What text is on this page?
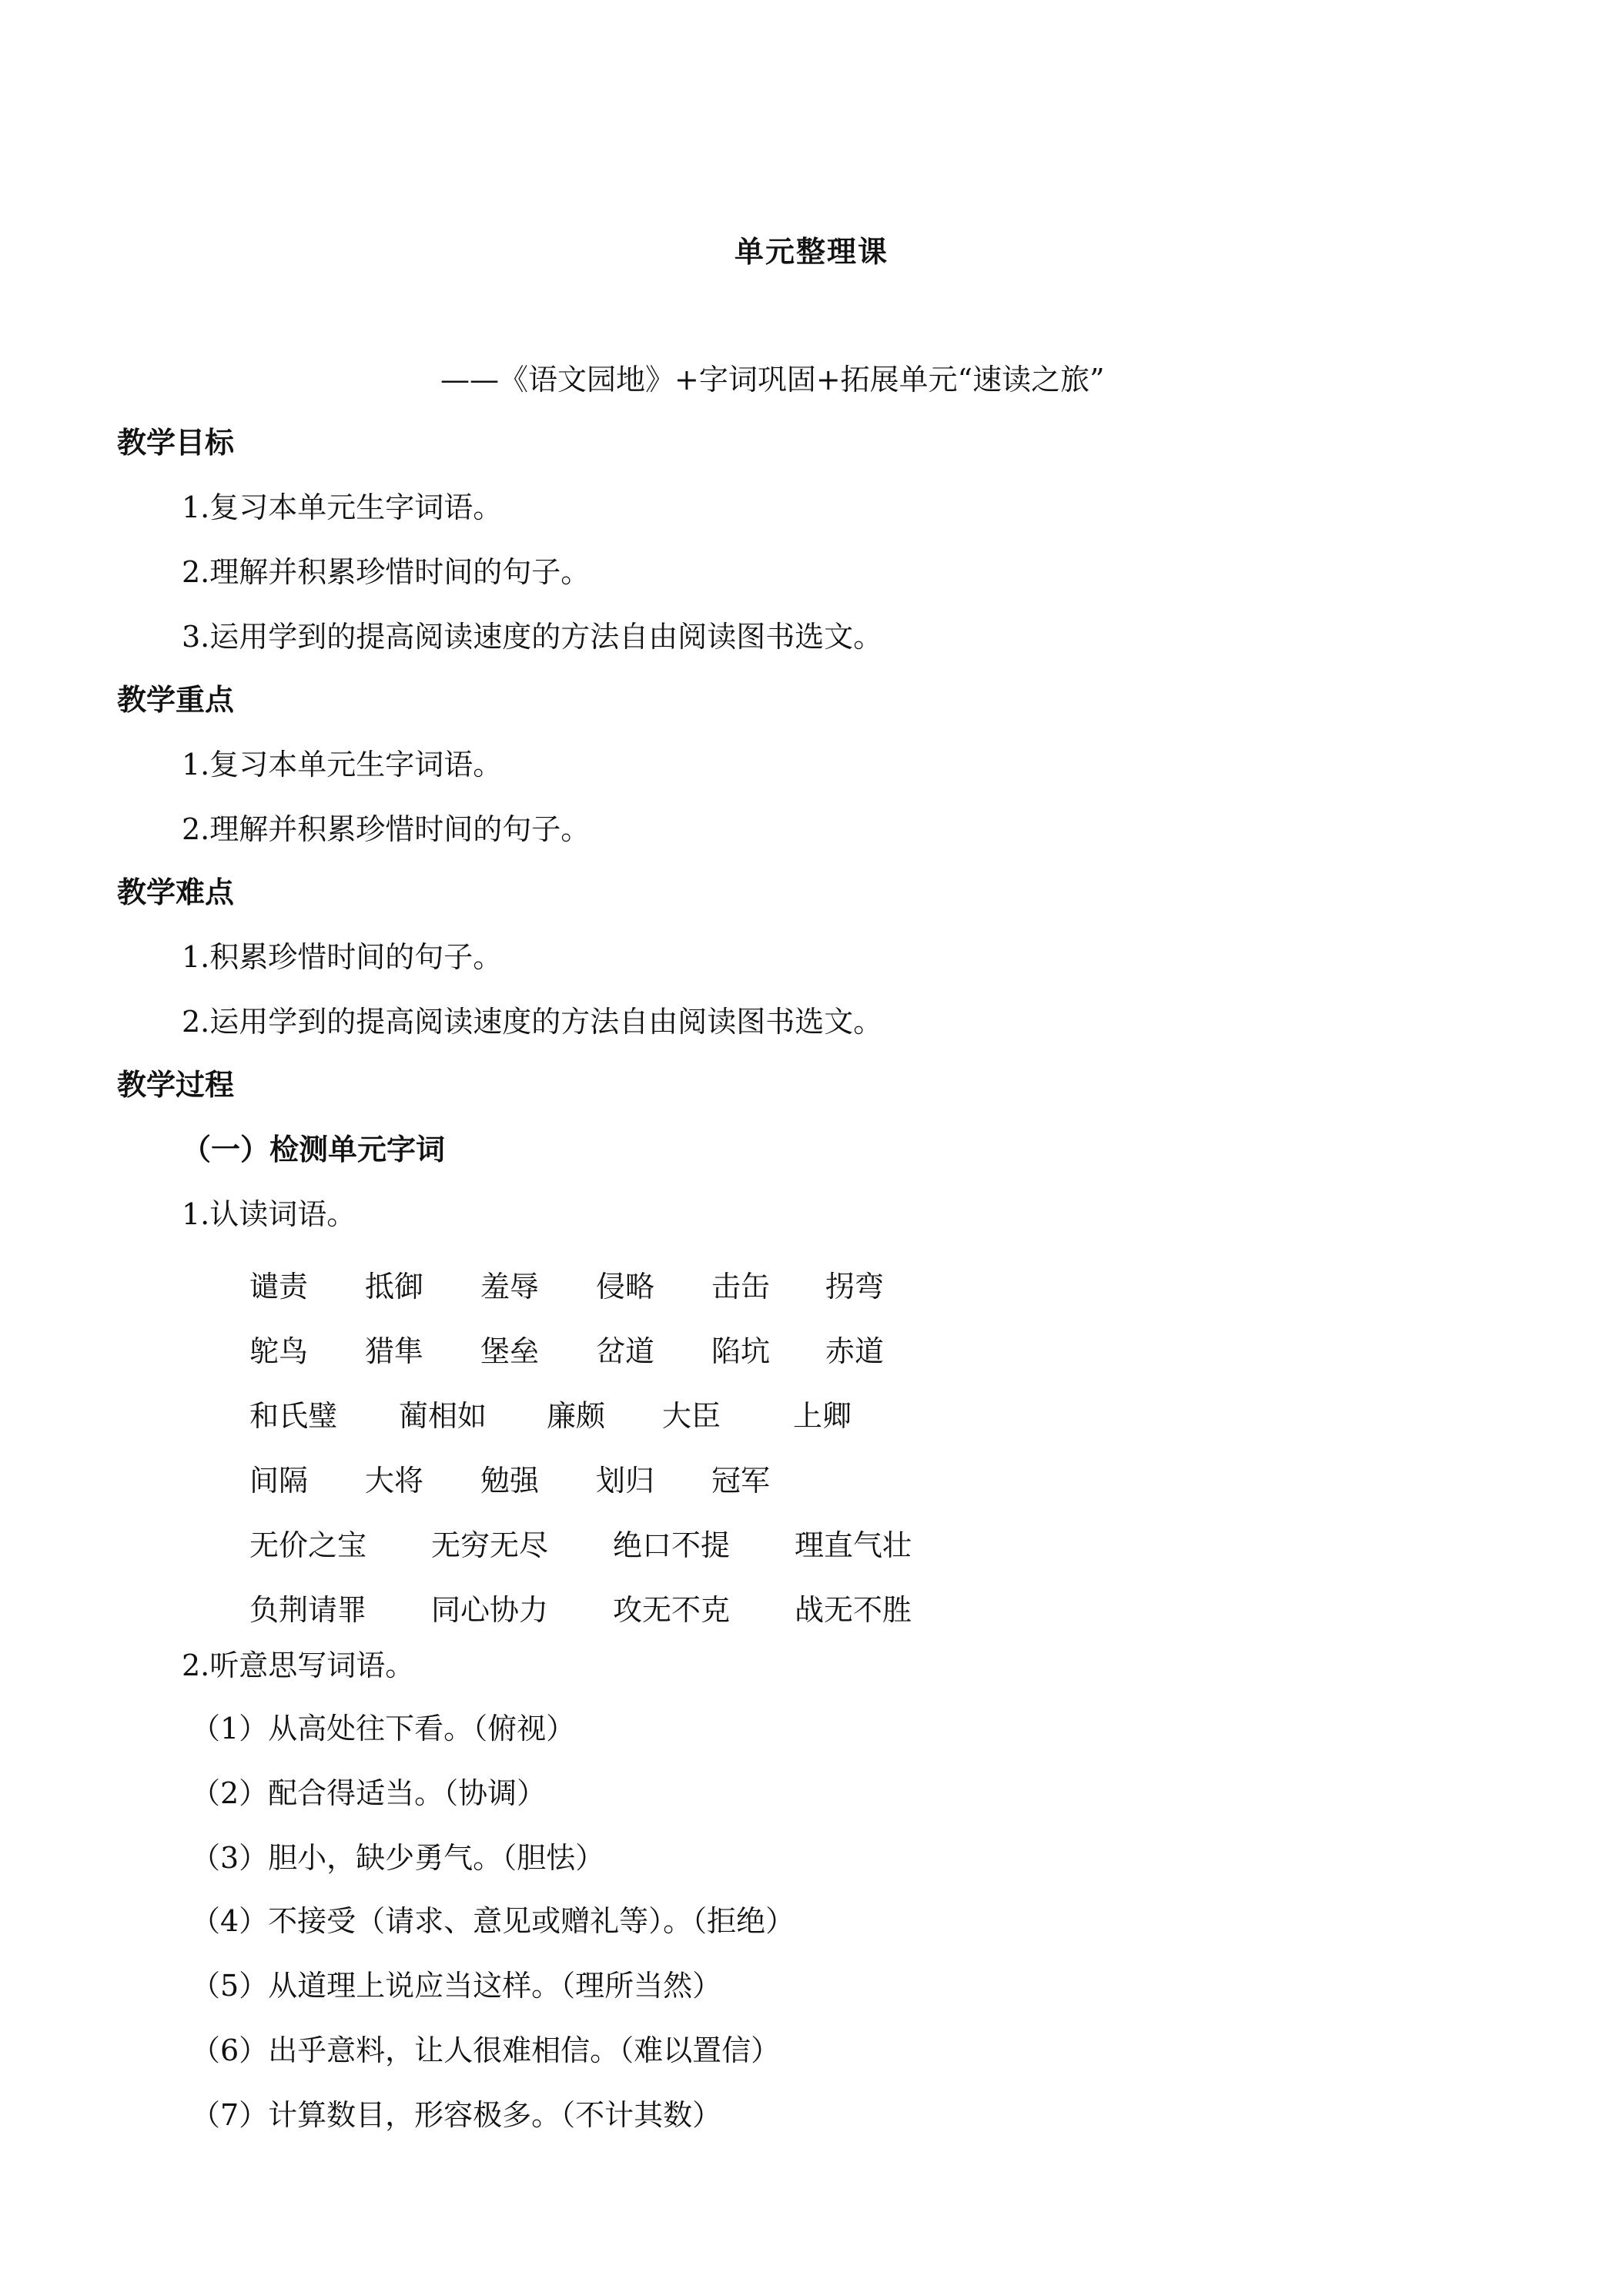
单元整理课
——《语文园地》+字词巩固+拓展单元“速读之旅”
教学目标
1.复习本单元生字词语。
2.理解并积累珍惜时间的句子。
3.运用学到的提高阅读速度的方法自由阅读图书选文。
教学重点
1.复习本单元生字词语。
2.理解并积累珍惜时间的句子。
教学难点
1.积累珍惜时间的句子。
2.运用学到的提高阅读速度的方法自由阅读图书选文。
教学过程
（一）检测单元字词
1.认读词语。
谴责 抵御 羞辱 侵略 击缶 拐弯
鸵鸟 猎隼 堡垒 岔道 陷坑 赤道
和氏璧 蔺相如 廉颇 大臣 上卿
间隔 大将 勉强 划归 冠军
无价之宝 无穷无尽 绝口不提 理直气壮
负荆请罪 同心协力 攻无不克 战无不胜
2.听意思写词语。
（1）从高处往下看。（俯视）
（2）配合得适当。（协调）
（3）胆小，缺少勇气。（胆怯）
（4）不接受（请求、意见或赠礼等）。（拒绝）
（5）从道理上说应当这样。（理所当然）
（6）出乎意料，让人很难相信。（难以置信）
（7）计算数目，形容极多。（不计其数）
